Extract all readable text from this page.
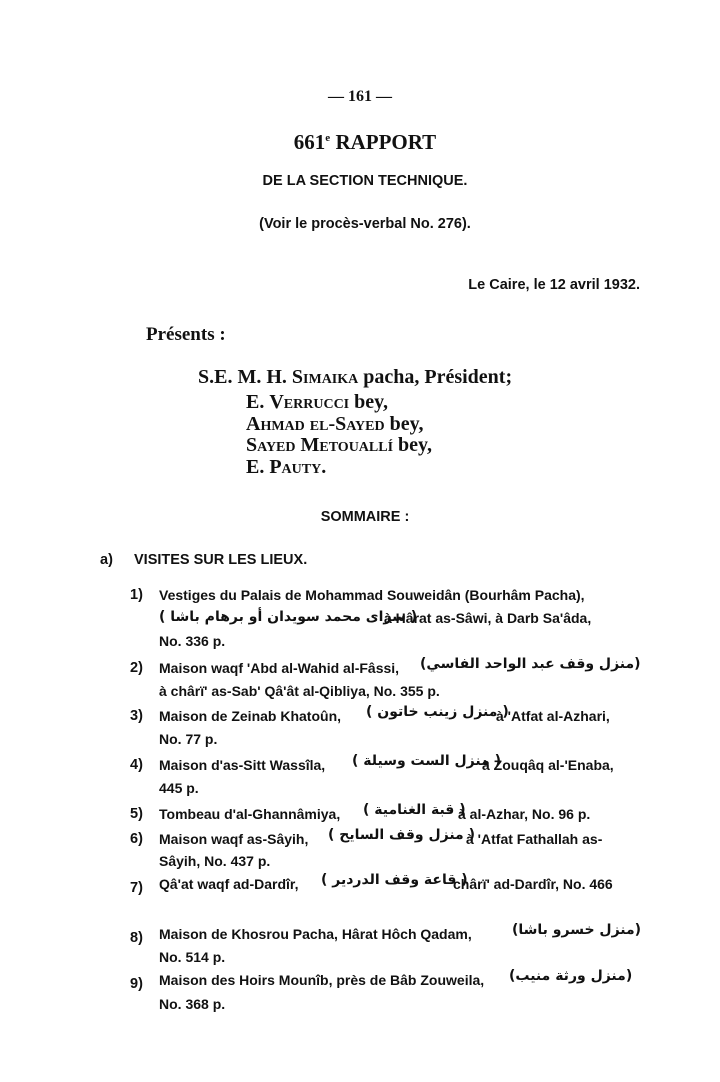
— 161 —
661e RAPPORT
DE LA SECTION TECHNIQUE.
(Voir le procès-verbal No. 276).
Le Caire, le 12 avril 1932.
Présents :
S.E. M. H. Simaika pacha, Président;
E. Verrucci bey,
Ahmad el-Sayed bey,
Sayed Metouallí bey,
E. Pauty.
SOMMAIRE :
a) VISITES SUR LES LIEUX.
1) Vestiges du Palais de Mohammad Souweidân (Bourhâm Pacha),
( سراى محمد سويدان أو برهام باشا )
à Hârat as-Sâwi, à Darb Sa'âda,
No. 336 p.
2) Maison waqf 'Abd al-Wahid al-Fâssi, (منزل وقف عبد الواحد الفاسي)
à chârï' as-Sab' Qâ'ât al-Qibliya, No. 355 p.
3) Maison de Zeinab Khatoûn, ( منزل زينب خاتون )
à 'Atfat al-Azhari,
No. 77 p.
4) Maison d'as-Sitt Wassîla, ( منزل الست وسيلة )
à Zouqâq al-'Enaba,
445 p.
5) Tombeau d'al-Ghannâmiya, ( قبة الغنامية )
à al-Azhar, No. 96 p.
6) Maison waqf as-Sâyih, ( منزل وقف السايح )
à 'Atfat Fathallah as-
Sâyih, No. 437 p.
7) Qâ'at waqf ad-Dardîr, ( قاعة وقف الدردير )
chârï' ad-Dardîr, No. 466
8) Maison de Khosrou Pacha, Hârat Hôch Qadam,	(منزل خسرو باشا)
No. 514 p.
9) Maison des Hoirs Mounîb, près de Bâb Zouweila, (منزل ورثة منيب)
No. 368 p.
